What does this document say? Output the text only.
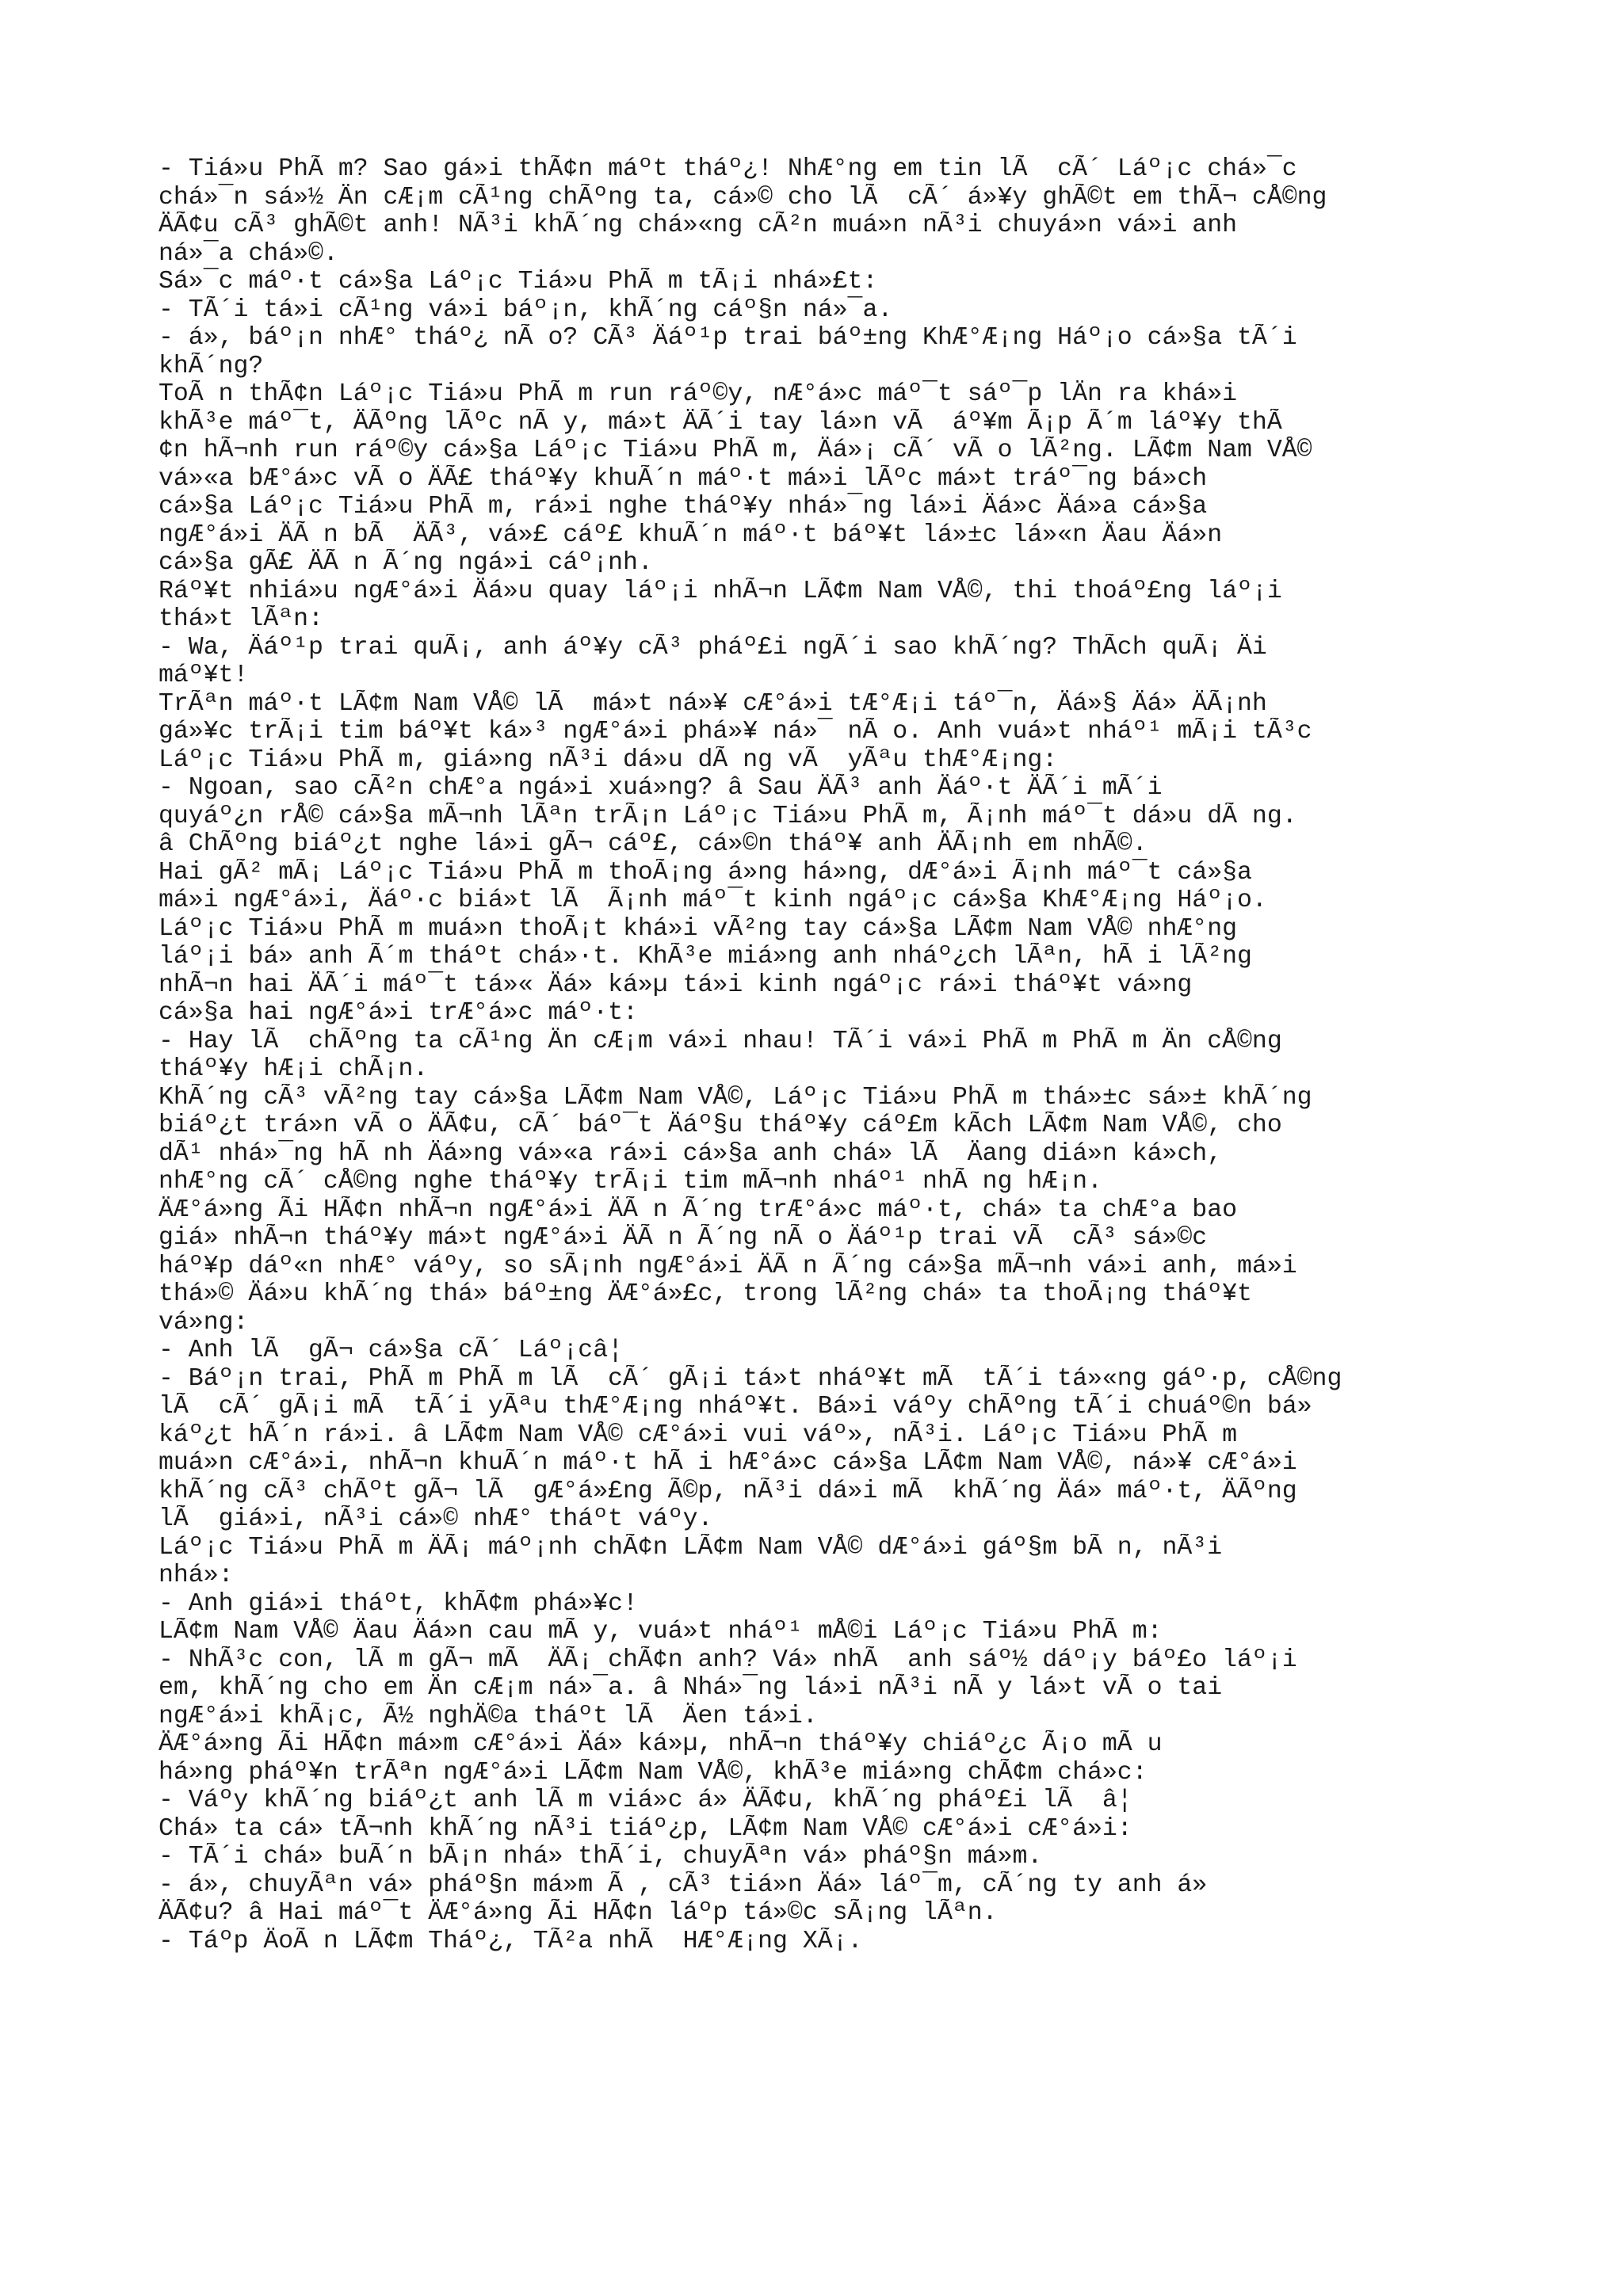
- Tiá»u PhÃ m? Sao gá»i thÃ¢n máºt tháº¿! NhÆ°ng em tin lÃ  cÃ´ Láº¡c chá»¯c
chá»¯n sá»½ Än cÆ¡m cÃ¹ng chÃºng ta, cá»© cho lÃ  cÃ´ á»¥y ghÃ©t em thÃ¬ cÅ©ng
ÄÃ¢u cÃ³ ghÃ©t anh! NÃ³i khÃ´ng chá»«ng cÃ²n muá»n nÃ³i chuyá»n vá»i anh
ná»¯a chá»©.
Sá»¯c máº·t cá»§a Láº¡c Tiá»u PhÃ m tÃ¡i nhá»£t:
- TÃ´i tá»i cÃ¹ng vá»i báº¡n, khÃ´ng cáº§n ná»¯a.
- á», báº¡n nhÆ° tháº¿ nÃ o? CÃ³ Äáº¹p trai báº±ng KhÆ°Æ¡ng Háº¡o cá»§a tÃ´i
khÃ´ng?
ToÃ n thÃ¢n Láº¡c Tiá»u PhÃ m run ráº©y, nÆ°á»c máº¯t sáº¯p lÄn ra khá»i
khÃ³e máº¯t, ÄÃºng lÃºc nÃ y, má»t ÄÃ´i tay lá»n vÃ  áº¥m Ã¡p Ã´m láº¥y thÃ
¢n hÃ¬nh run ráº©y cá»§a Láº¡c Tiá»u PhÃ m, Äá»¡ cÃ´ vÃ o lÃ²ng. LÃ¢m Nam VÅ©
vá»«a bÆ°á»c vÃ o ÄÃ£ tháº¥y khuÃ´n máº·t má»i lÃºc má»t tráº¯ng bá»ch
cá»§a Láº¡c Tiá»u PhÃ m, rá»i nghe tháº¥y nhá»¯ng lá»i Äá»c Äá»a cá»§a
ngÆ°á»i ÄÃ n bÃ  ÄÃ³, vá»£ cáº£ khuÃ´n máº·t báº¥t lá»±c lá»«n Äau Äá»n
cá»§a gÃ£ ÄÃ n Ã´ng ngá»i cáº¡nh.
Ráº¥t nhiá»u ngÆ°á»i Äá»u quay láº¡i nhÃ¬n LÃ¢m Nam VÅ©, thi thoáº£ng láº¡i
thá»t lÃªn:
- Wa, Äáº¹p trai quÃ¡, anh áº¥y cÃ³ pháº£i ngÃ´i sao khÃ´ng? ThÃch quÃ¡ Äi
máº¥t!
TrÃªn máº·t LÃ¢m Nam VÅ© lÃ  má»t ná»¥ cÆ°á»i tÆ°Æ¡i táº¯n, Äá»§ Äá» ÄÃ¡nh
gá»¥c trÃ¡i tim báº¥t ká»³ ngÆ°á»i phá»¥ ná»¯ nÃ o. Anh vuá»t nháº¹ mÃ¡i tÃ³c
Láº¡c Tiá»u PhÃ m, giá»ng nÃ³i dá»u dÃ ng vÃ  yÃªu thÆ°Æ¡ng:
- Ngoan, sao cÃ²n chÆ°a ngá»i xuá»ng? â Sau ÄÃ³ anh Äáº·t ÄÃ´i mÃ´i
quyáº¿n rÅ© cá»§a mÃ¬nh lÃªn trÃ¡n Láº¡c Tiá»u PhÃ m, Ã¡nh máº¯t dá»u dÃ ng.
â ChÃºng biáº¿t nghe lá»i gÃ¬ cáº£, cá»©n tháº¥ anh ÄÃ¡nh em nhÃ©.
Hai gÃ² mÃ¡ Láº¡c Tiá»u PhÃ m thoÃ¡ng á»ng há»ng, dÆ°á»i Ã¡nh máº¯t cá»§a
má»i ngÆ°á»i, Äáº·c biá»t lÃ  Ã¡nh máº¯t kinh ngáº¡c cá»§a KhÆ°Æ¡ng Háº¡o.
Láº¡c Tiá»u PhÃ m muá»n thoÃ¡t khá»i vÃ²ng tay cá»§a LÃ¢m Nam VÅ© nhÆ°ng
láº¡i bá» anh Ã´m tháºt chá»·t. KhÃ³e miá»ng anh nháº¿ch lÃªn, hÃ i lÃ²ng
nhÃ¬n hai ÄÃ´i máº¯t tá»« Äá» ká»µ tá»i kinh ngáº¡c rá»i tháº¥t vá»ng
cá»§a hai ngÆ°á»i trÆ°á»c máº·t:
- Hay lÃ  chÃºng ta cÃ¹ng Än cÆ¡m vá»i nhau! TÃ´i vá»i PhÃ m PhÃ m Än cÅ©ng
tháº¥y hÆ¡i chÃ¡n.
KhÃ´ng cÃ³ vÃ²ng tay cá»§a LÃ¢m Nam VÅ©, Láº¡c Tiá»u PhÃ m thá»±c sá»± khÃ´ng
biáº¿t trá»n vÃ o ÄÃ¢u, cÃ´ báº¯t Äáº§u tháº¥y cáº£m kÃch LÃ¢m Nam VÅ©, cho
dÃ¹ nhá»¯ng hÃ nh Äá»ng vá»«a rá»i cá»§a anh chá» lÃ  Äang diá»n ká»ch,
nhÆ°ng cÃ´ cÅ©ng nghe tháº¥y trÃ¡i tim mÃ¬nh nháº¹ nhÃ ng hÆ¡n.
ÄÆ°á»ng Ãi HÃ¢n nhÃ¬n ngÆ°á»i ÄÃ n Ã´ng trÆ°á»c máº·t, chá» ta chÆ°a bao
giá» nhÃ¬n tháº¥y má»t ngÆ°á»i ÄÃ n Ã´ng nÃ o Äáº¹p trai vÃ  cÃ³ sá»©c
háº¥p dáº«n nhÆ° váºy, so sÃ¡nh ngÆ°á»i ÄÃ n Ã´ng cá»§a mÃ¬nh vá»i anh, má»i
thá»© Äá»u khÃ´ng thá» báº±ng ÄÆ°á»£c, trong lÃ²ng chá» ta thoÃ¡ng tháº¥t
vá»ng:
- Anh lÃ  gÃ¬ cá»§a cÃ´ Láº¡câ¦
- Báº¡n trai, PhÃ m PhÃ m lÃ  cÃ´ gÃ¡i tá»t nháº¥t mÃ  tÃ´i tá»«ng gáº·p, cÅ©ng
lÃ  cÃ´ gÃ¡i mÃ  tÃ´i yÃªu thÆ°Æ¡ng nháº¥t. Bá»i váºy chÃºng tÃ´i chuáº©n bá»
káº¿t hÃ´n rá»i. â LÃ¢m Nam VÅ© cÆ°á»i vui váº», nÃ³i. Láº¡c Tiá»u PhÃ m
muá»n cÆ°á»i, nhÃ¬n khuÃ´n máº·t hÃ i hÆ°á»c cá»§a LÃ¢m Nam VÅ©, ná»¥ cÆ°á»i
khÃ´ng cÃ³ chÃºt gÃ¬ lÃ  gÆ°á»£ng Ã©p, nÃ³i dá»i mÃ  khÃ´ng Äá» máº·t, ÄÃºng
lÃ  giá»i, nÃ³i cá»© nhÆ° tháºt váºy.
Láº¡c Tiá»u PhÃ m ÄÃ¡ máº¡nh chÃ¢n LÃ¢m Nam VÅ© dÆ°á»i gáº§m bÃ n, nÃ³i
nhá»:
- Anh giá»i tháºt, khÃ¢m phá»¥c!
LÃ¢m Nam VÅ© Äau Äá»n cau mÃ y, vuá»t nháº¹ mÅ©i Láº¡c Tiá»u PhÃ m:
- NhÃ³c con, lÃ m gÃ¬ mÃ  ÄÃ¡ chÃ¢n anh? Vá» nhÃ  anh sáº½ dáº¡y báº£o láº¡i
em, khÃ´ng cho em Än cÆ¡m ná»¯a. â Nhá»¯ng lá»i nÃ³i nÃ y lá»t vÃ o tai
ngÆ°á»i khÃ¡c, Ã½ nghÄ©a tháºt lÃ  Äen tá»i.
ÄÆ°á»ng Ãi HÃ¢n má»m cÆ°á»i Äá» ká»µ, nhÃ¬n tháº¥y chiáº¿c Ã¡o mÃ u
há»ng pháº¥n trÃªn ngÆ°á»i LÃ¢m Nam VÅ©, khÃ³e miá»ng chÃ¢m chá»c:
- Váºy khÃ´ng biáº¿t anh lÃ m viá»c á» ÄÃ¢u, khÃ´ng pháº£i lÃ  â¦
Chá» ta cá» tÃ¬nh khÃ´ng nÃ³i tiáº¿p, LÃ¢m Nam VÅ© cÆ°á»i cÆ°á»i:
- TÃ´i chá» buÃ´n bÃ¡n nhá» thÃ´i, chuyÃªn vá» pháº§n má»m.
- á», chuyÃªn vá» pháº§n má»m Ã , cÃ³ tiá»n Äá» láº¯m, cÃ´ng ty anh á»
ÄÃ¢u? â Hai máº¯t ÄÆ°á»ng Ãi HÃ¢n láºp tá»©c sÃ¡ng lÃªn.
- Táºp ÄoÃ n LÃ¢m Tháº¿, TÃ²a nhÃ  HÆ°Æ¡ng XÃ¡.
